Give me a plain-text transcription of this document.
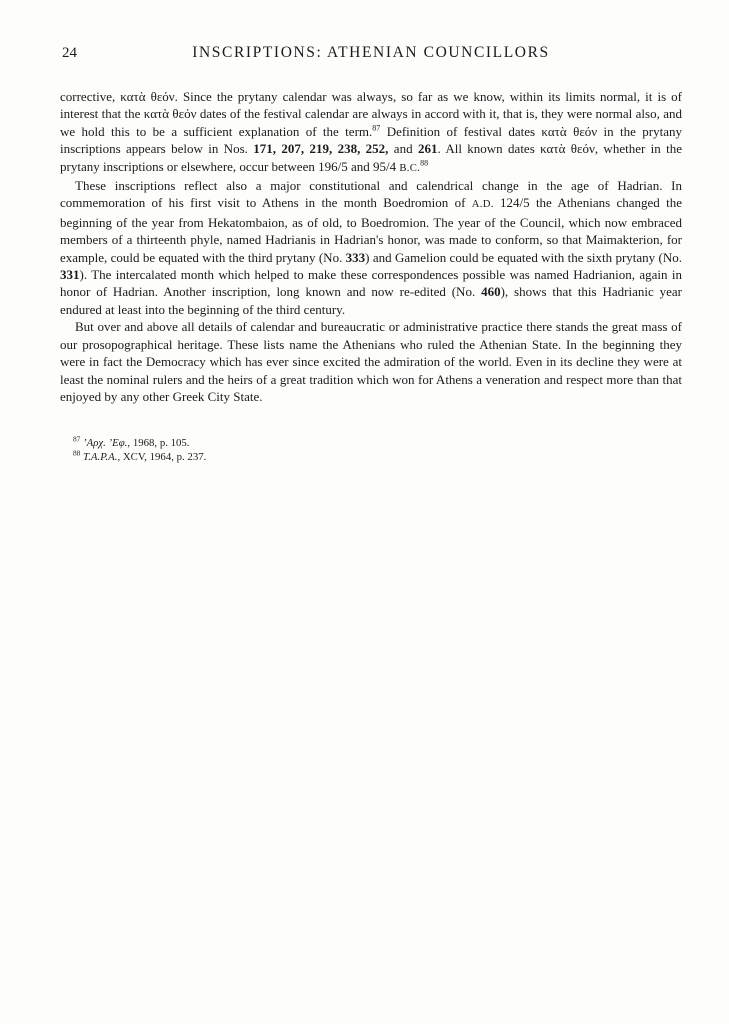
24	INSCRIPTIONS: ATHENIAN COUNCILLORS

corrective, κατὰ θεόν. Since the prytany calendar was always, so far as we know, within its limits normal, it is of interest that the κατὰ θεόν dates of the festival calendar are always in accord with it, that is, they were normal also, and we hold this to be a sufficient explanation of the term.$^{87}$ Definition of festival dates κατὰ θεόν in the prytany inscriptions appears below in Nos. 171, 207, 219, 238, 252, and 261. All known dates κατὰ θεόν, whether in the prytany inscriptions or elsewhere, occur between 196/5 and 95/4 B.C.$^{88}$

These inscriptions reflect also a major constitutional and calendrical change in the age of Hadrian. In commemoration of his first visit to Athens in the month Boedromion of A.D. 124/5 the Athenians changed the beginning of the year from Hekatombaion, as of old, to Boedromion. The year of the Council, which now embraced members of a thirteenth phyle, named Hadrianis in Hadrian's honor, was made to conform, so that Maimakterion, for example, could be equated with the third prytany (No. 333) and Gamelion could be equated with the sixth prytany (No. 331). The intercalated month which helped to make these correspondences possible was named Hadrianion, again in honor of Hadrian. Another inscription, long known and now re-edited (No. 460), shows that this Hadrianic year endured at least into the beginning of the third century.

But over and above all details of calendar and bureaucratic or administrative practice there stands the great mass of our prosopographical heritage. These lists name the Athenians who ruled the Athenian State. In the beginning they were in fact the Democracy which has ever since excited the admiration of the world. Even in its decline they were at least the nominal rulers and the heirs of a great tradition which won for Athens a veneration and respect more than that enjoyed by any other Greek City State.

$^{87}$ ’Αρχ. ’Εφ., 1968, p. 105.

$^{88}$ T.A.P.A., XCV, 1964, p. 237.
